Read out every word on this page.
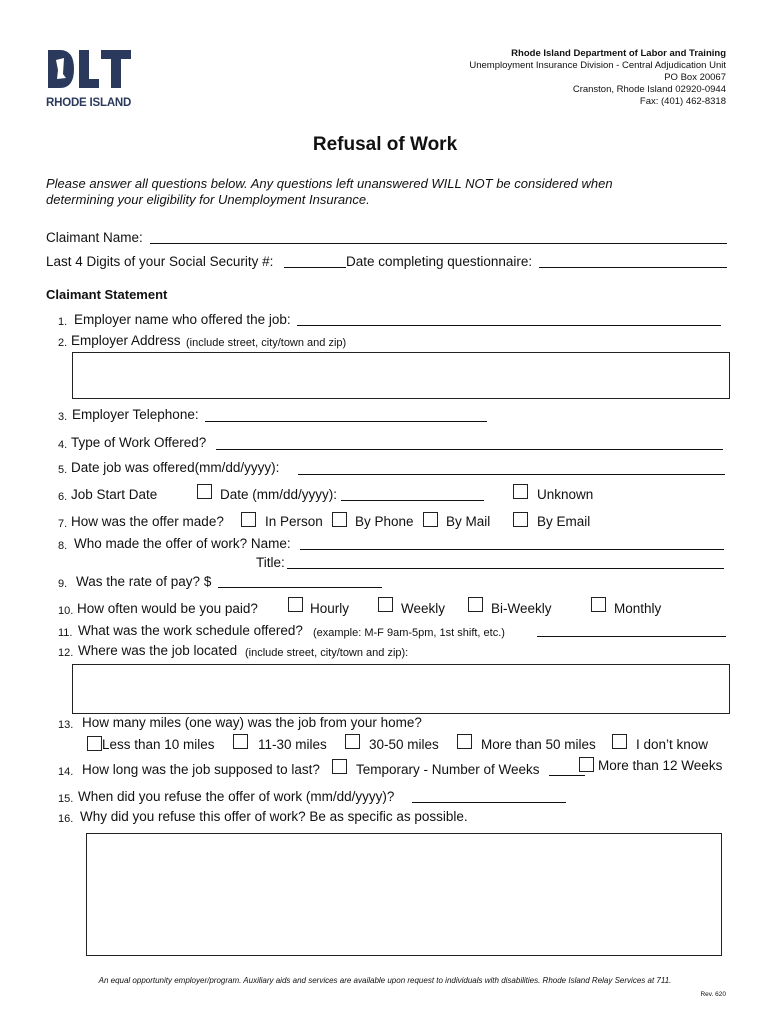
RHODE ISLAND
Rhode Island Department of Labor and Training
Unemployment Insurance Division - Central Adjudication Unit
PO Box 20067
Cranston, Rhode Island 02920-0944
Fax: (401) 462-8318
Refusal of Work
Please answer all questions below. Any questions left unanswered WILL NOT be considered when
determining your eligibility for Unemployment Insurance.
Claimant Name:
Last 4 Digits of your Social Security #:	Date completing questionnaire:
Claimant Statement
1. Employer name who offered the job:
2. Employer Address (include street, city/town and zip)
3. Employer Telephone:
4. Type of Work Offered?
5. Date job was offered(mm/dd/yyyy):
6. Job Start Date	Date (mm/dd/yyyy):	Unknown
7. How was the offer made?	In Person By Phone By Mail	By Email
8. Who made the offer of work? Name:
Title:
9. Was the rate of pay? $
10. How often would be you paid?	Hourly	Weekly	Bi-Weekly	Monthly
11. What was the work schedule offered? (example: M-F 9am-5pm, 1st shift, etc.)
12. Where was the job located (include street, city/town and zip):
13. How many miles (one way) was the job from your home?
Less than 10 miles	11-30 miles	30-50 miles	More than 50 miles	I don’t know
14. How long was the job supposed to last?	Temporary - Number of Weeks	More than 12 Weeks
15. When did you refuse the offer of work (mm/dd/yyyy)?
16. Why did you refuse this offer of work? Be as specific as possible.
An equal opportunity employer/program. Auxiliary aids and services are available upon request to individuals with disabilities. Rhode Island Relay Services at 711.
Rev. 620
